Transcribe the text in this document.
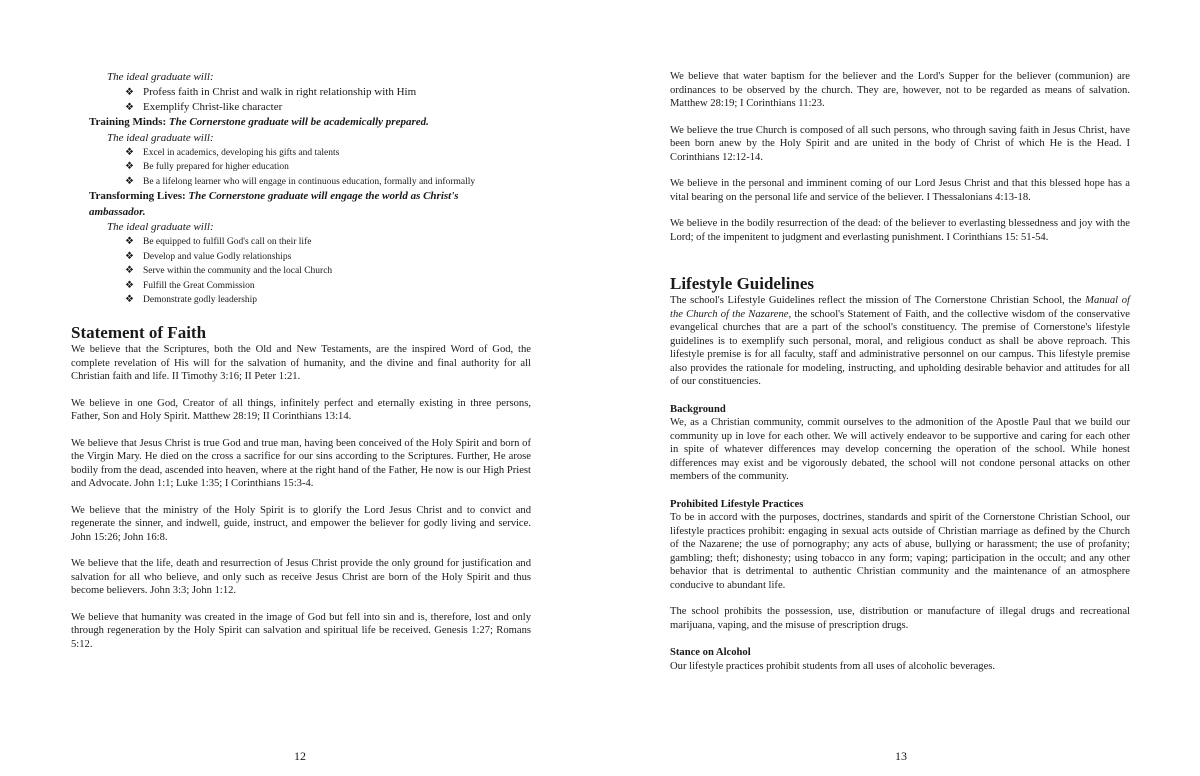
The ideal graduate will:
❖ Profess faith in Christ and walk in right relationship with Him
❖ Exemplify Christ-like character
Training Minds: The Cornerstone graduate will be academically prepared.
The ideal graduate will:
❖ Excel in academics, developing his gifts and talents
❖ Be fully prepared for higher education
❖ Be a lifelong learner who will engage in continuous education, formally and informally
Transforming Lives: The Cornerstone graduate will engage the world as Christ's ambassador.
The ideal graduate will:
❖ Be equipped to fulfill God's call on their life
❖ Develop and value Godly relationships
❖ Serve within the community and the local Church
❖ Fulfill the Great Commission
❖ Demonstrate godly leadership
Statement of Faith

We believe that the Scriptures, both the Old and New Testaments, are the inspired Word of God, the complete revelation of His will for the salvation of humanity, and the divine and final authority for all Christian faith and life. II Timothy 3:16; II Peter 1:21.

We believe in one God, Creator of all things, infinitely perfect and eternally existing in three persons, Father, Son and Holy Spirit. Matthew 28:19; II Corinthians 13:14.

We believe that Jesus Christ is true God and true man, having been conceived of the Holy Spirit and born of the Virgin Mary. He died on the cross a sacrifice for our sins according to the Scriptures. Further, He arose bodily from the dead, ascended into heaven, where at the right hand of the Father, He now is our High Priest and Advocate. John 1:1; Luke 1:35; I Corinthians 15:3-4.

We believe that the ministry of the Holy Spirit is to glorify the Lord Jesus Christ and to convict and regenerate the sinner, and indwell, guide, instruct, and empower the believer for godly living and service. John 15:26; John 16:8.

We believe that the life, death and resurrection of Jesus Christ provide the only ground for justification and salvation for all who believe, and only such as receive Jesus Christ are born of the Holy Spirit and thus become believers. John 3:3; John 1:12.

We believe that humanity was created in the image of God but fell into sin and is, therefore, lost and only through regeneration by the Holy Spirit can salvation and spiritual life be received. Genesis 1:27; Romans 5:12.

12

We believe that water baptism for the believer and the Lord's Supper for the believer (communion) are ordinances to be observed by the church. They are, however, not to be regarded as means of salvation. Matthew 28:19; I Corinthians 11:23.

We believe the true Church is composed of all such persons, who through saving faith in Jesus Christ, have been born anew by the Holy Spirit and are united in the body of Christ of which He is the Head. I Corinthians 12:12-14.

We believe in the personal and imminent coming of our Lord Jesus Christ and that this blessed hope has a vital bearing on the personal life and service of the believer. I Thessalonians 4:13-18.

We believe in the bodily resurrection of the dead: of the believer to everlasting blessedness and joy with the Lord; of the impenitent to judgment and everlasting punishment. I Corinthians 15: 51-54.

Lifestyle Guidelines

The school's Lifestyle Guidelines reflect the mission of The Cornerstone Christian School, the Manual of the Church of the Nazarene, the school's Statement of Faith, and the collective wisdom of the conservative evangelical churches that are a part of the school's constituency. The premise of Cornerstone's lifestyle guidelines is to exemplify such personal, moral, and religious conduct as shall be above reproach. This lifestyle premise is for all faculty, staff and administrative personnel on our campus. This lifestyle premise also provides the rationale for modeling, instructing, and upholding desirable behavior and attitudes for all of our constituencies.

Background

We, as a Christian community, commit ourselves to the admonition of the Apostle Paul that we build our community up in love for each other. We will actively endeavor to be supportive and caring for each other in spite of whatever differences may develop concerning the operation of the school. While honest differences may exist and be vigorously debated, the school will not condone personal attacks on other members of the community.

Prohibited Lifestyle Practices

To be in accord with the purposes, doctrines, standards and spirit of the Cornerstone Christian School, our lifestyle practices prohibit: engaging in sexual acts outside of Christian marriage as defined by the Church of the Nazarene; the use of pornography; any acts of abuse, bullying or harassment; the use of profanity; gambling; theft; dishonesty; using tobacco in any form; vaping; participation in the occult; and any other behavior that is detrimental to authentic Christian community and the maintenance of an atmosphere conducive to abundant life.

The school prohibits the possession, use, distribution or manufacture of illegal drugs and recreational marijuana, vaping, and the misuse of prescription drugs.

Stance on Alcohol

Our lifestyle practices prohibit students from all uses of alcoholic beverages.

13
